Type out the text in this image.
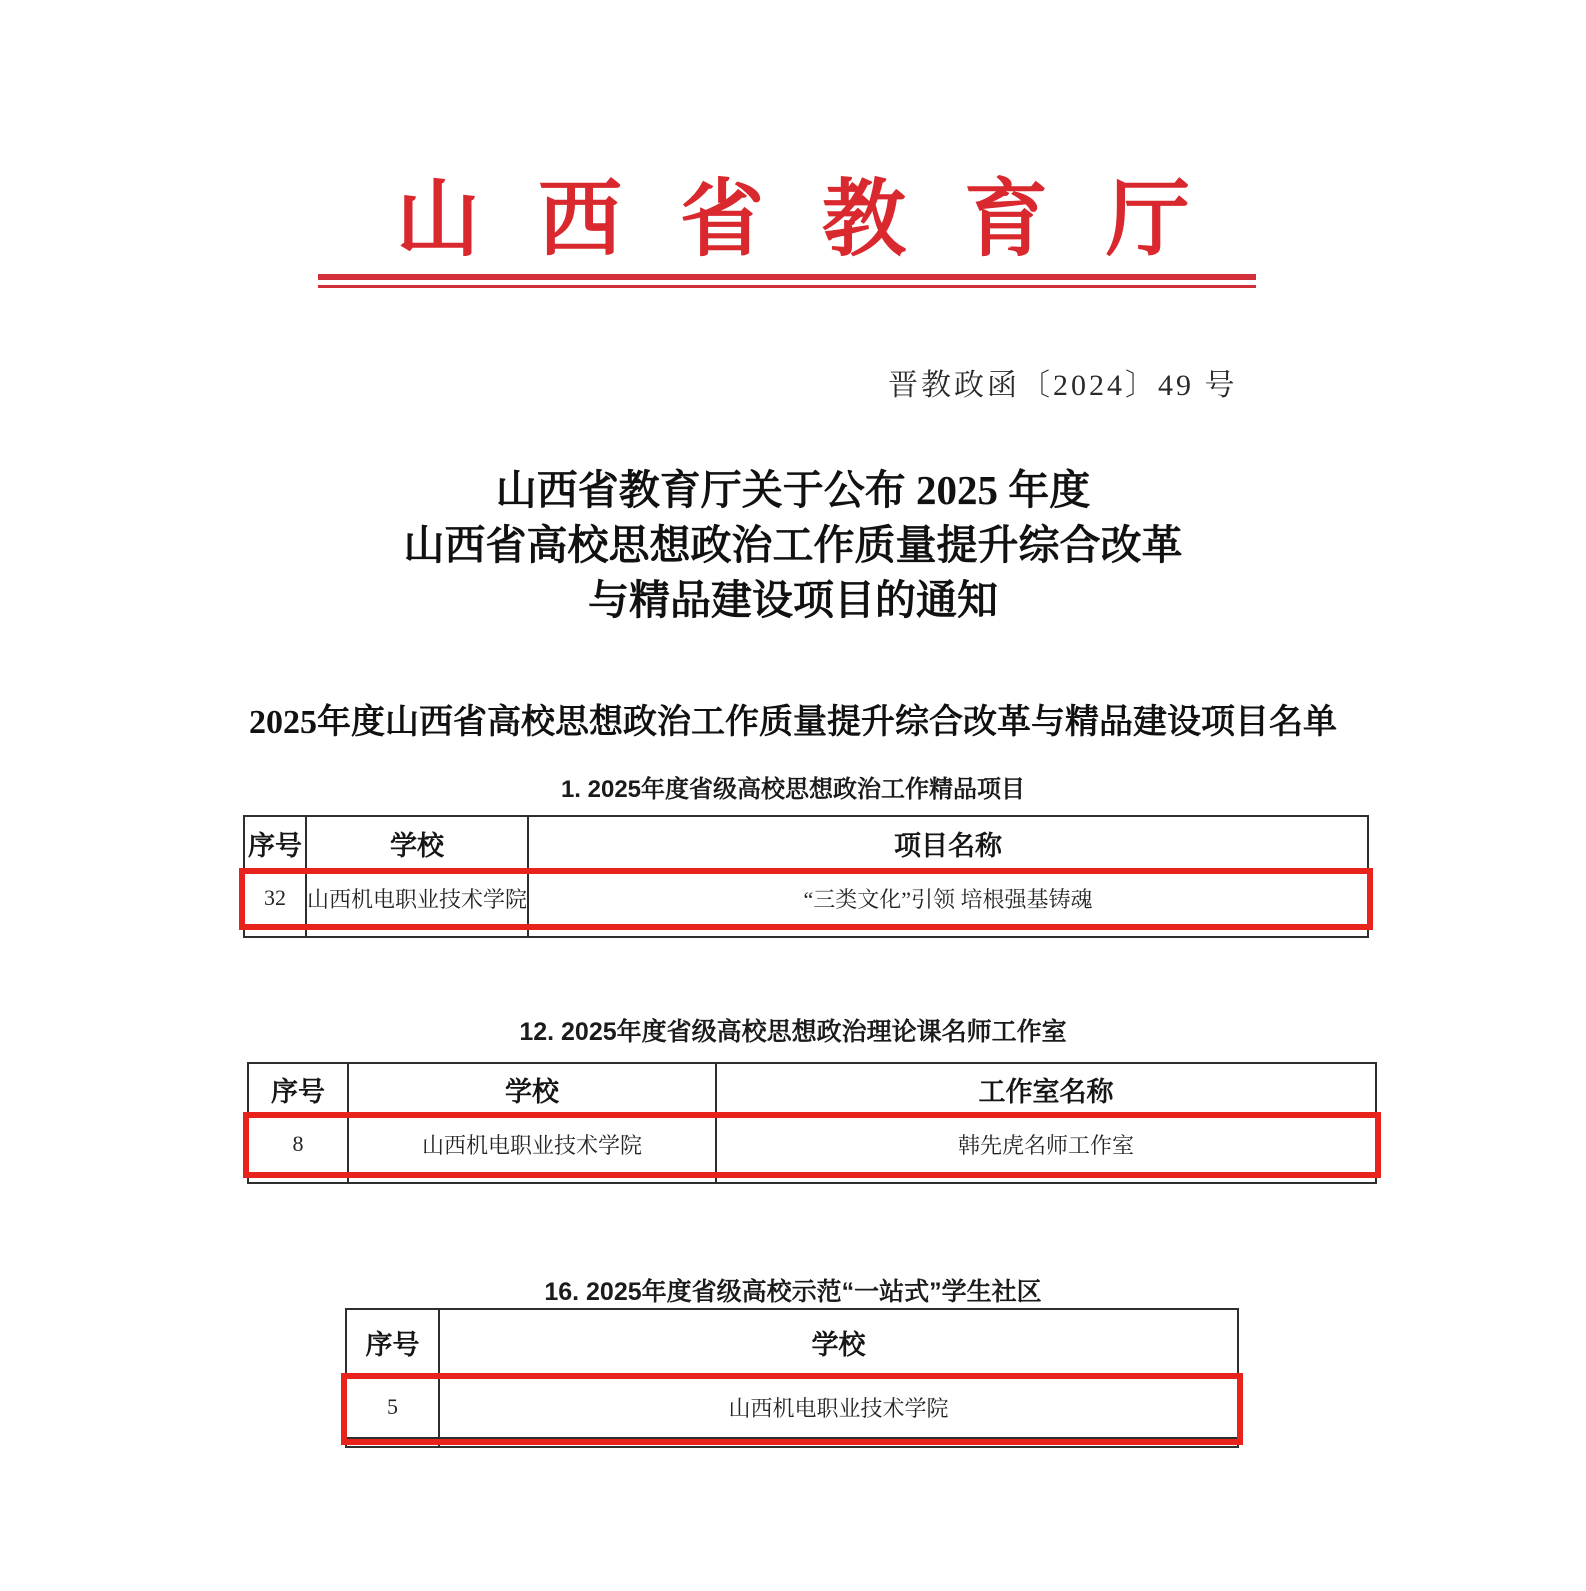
山西省教育厅
晋教政函〔2024〕49 号
山西省教育厅关于公布 2025 年度
山西省高校思想政治工作质量提升综合改革
与精品建设项目的通知
2025年度山西省高校思想政治工作质量提升综合改革与精品建设项目名单
1. 2025年度省级高校思想政治工作精品项目
序号	学校	项目名称
32 山西机电职业技术学院	“三类文化”引领 培根强基铸魂
12. 2025年度省级高校思想政治理论课名师工作室
序号	学校	工作室名称
8	山西机电职业技术学院	韩先虎名师工作室
16. 2025年度省级高校示范“一站式”学生社区
序号	学校
5	山西机电职业技术学院
